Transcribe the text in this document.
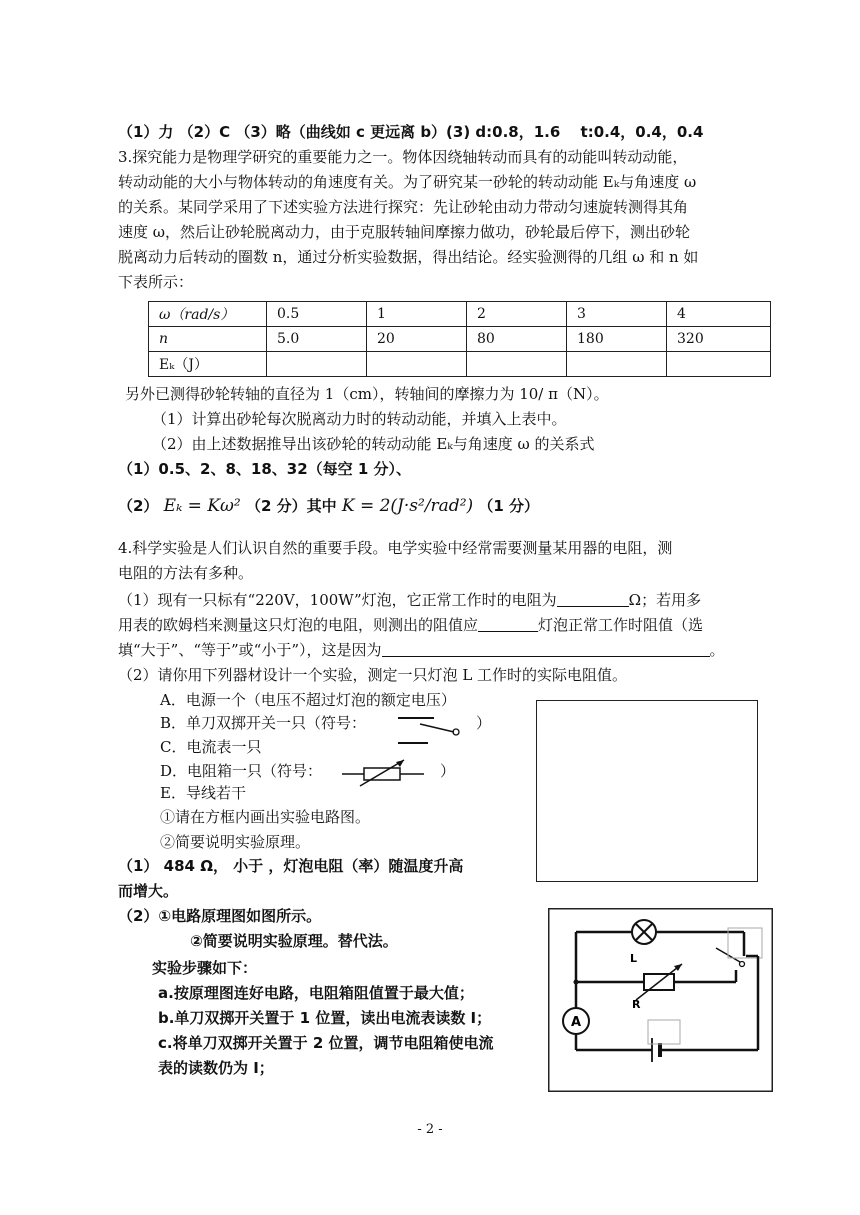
（1）力 （2）C （3）略（曲线如 c 更远离 b）(3) d:0.8，1.6　 t:0.4，0.4，0.4
3.探究能力是物理学研究的重要能力之一。物体因绕轴转动而具有的动能叫转动动能，
转动动能的大小与物体转动的角速度有关。为了研究某一砂轮的转动动能 Eₖ与角速度 ω
的关系。某同学采用了下述实验方法进行探究：先让砂轮由动力带动匀速旋转测得其角
速度 ω，然后让砂轮脱离动力，由于克服转轴间摩擦力做功，砂轮最后停下，测出砂轮
脱离动力后转动的圈数 n，通过分析实验数据，得出结论。经实验测得的几组 ω 和 n 如
下表所示：
ω（rad/s）	0.5	1	2	3	4
n	5.0	20	80	180	320
Eₖ（J）					
另外已测得砂轮转轴的直径为 1（cm），转轴间的摩擦力为 10/ π（N）。
（1）计算出砂轮每次脱离动力时的转动动能，并填入上表中。
（2）由上述数据推导出该砂轮的转动动能 Eₖ与角速度 ω 的关系式
（1）0.5、2、8、18、32（每空 1 分）、
（2） Eₖ = Kω² （2 分）其中 K = 2(J·s²/rad²) （1 分）
4.科学实验是人们认识自然的重要手段。电学实验中经常需要测量某用器的电阻，测
电阻的方法有多种。
（1）现有一只标有“220V，100W”灯泡，它正常工作时的电阻为	Ω；若用多
用表的欧姆档来测量这只灯泡的电阻，则测出的阻值应	灯泡正常工作时阻值（选
填“大于”、“等于”或“小于”），这是因为	。
（2）请你用下列器材设计一个实验，测定一只灯泡 L 工作时的实际电阻值。
A．电源一个（电压不超过灯泡的额定电压）
B．单刀双掷开关一只（符号：	）
C．电流表一只
D．电阻箱一只（符号：	）
E．导线若干
①请在方框内画出实验电路图。
②简要说明实验原理。
（1） 484 Ω， 小于 ，灯泡电阻（率）随温度升高
而增大。
（2）①电路原理图如图所示。
②简要说明实验原理。替代法。
实验步骤如下：
a.按原理图连好电路，电阻箱阻值置于最大值；
b.单刀双掷开关置于 1 位置，读出电流表读数 I；
c.将单刀双掷开关置于 2 位置，调节电阻箱使电流
表的读数仍为 I；
L
R
A
- 2 -
